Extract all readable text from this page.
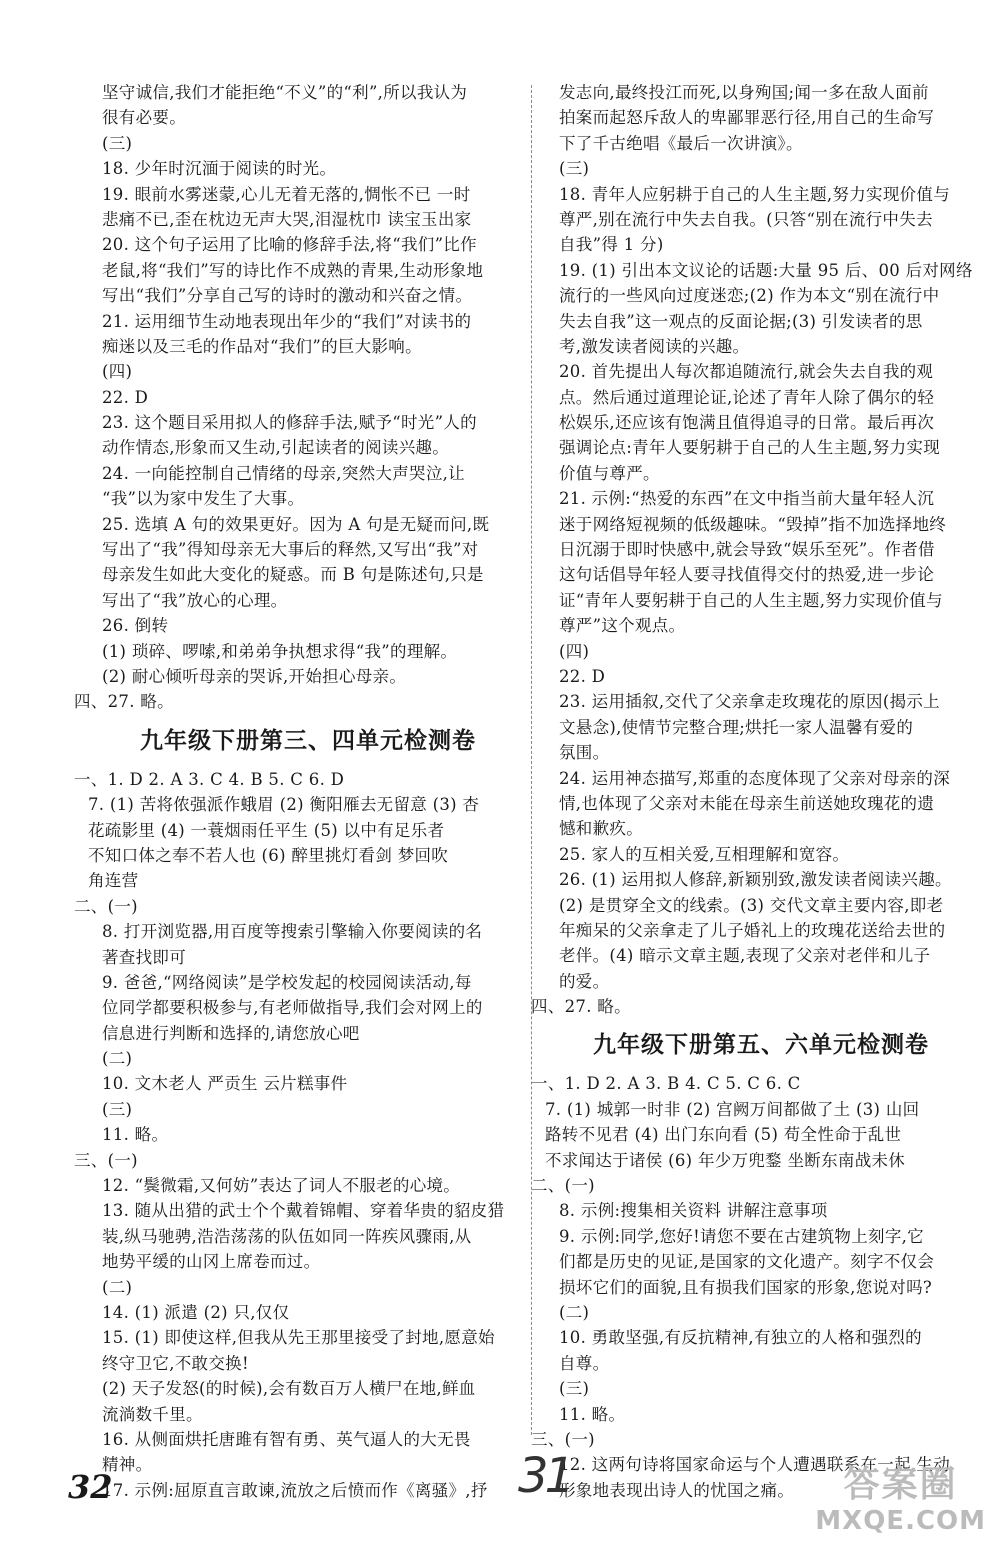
坚守诚信,我们才能拒绝“不义”的“利”,所以我认为
很有必要。
(三)
18. 少年时沉湎于阅读的时光。
19. 眼前水雾迷蒙,心儿无着无落的,惆怅不已 一时
悲痛不已,歪在枕边无声大哭,泪湿枕巾 读宝玉出家
20. 这个句子运用了比喻的修辞手法,将“我们”比作
老鼠,将“我们”写的诗比作不成熟的青果,生动形象地
写出“我们”分享自己写的诗时的激动和兴奋之情。
21. 运用细节生动地表现出年少的“我们”对读书的
痴迷以及三毛的作品对“我们”的巨大影响。
(四)
22. D
23. 这个题目采用拟人的修辞手法,赋予“时光”人的
动作情态,形象而又生动,引起读者的阅读兴趣。
24. 一向能控制自己情绪的母亲,突然大声哭泣,让
“我”以为家中发生了大事。
25. 选填 A 句的效果更好。因为 A 句是无疑而问,既
写出了“我”得知母亲无大事后的释然,又写出“我”对
母亲发生如此大变化的疑惑。而 B 句是陈述句,只是
写出了“我”放心的心理。
26. 倒转
(1) 琐碎、啰嗦,和弟弟争执想求得“我”的理解。
(2) 耐心倾听母亲的哭诉,开始担心母亲。
四、27. 略。
九年级下册第三、四单元检测卷
一、1. D 2. A 3. C 4. B 5. C 6. D
7. (1) 苦将侬强派作蛾眉 (2) 衡阳雁去无留意 (3) 杏
花疏影里 (4) 一蓑烟雨任平生 (5) 以中有足乐者
不知口体之奉不若人也 (6) 醉里挑灯看剑 梦回吹
角连营
二、(一)
8. 打开浏览器,用百度等搜索引擎输入你要阅读的名
著查找即可
9. 爸爸,“网络阅读”是学校发起的校园阅读活动,每
位同学都要积极参与,有老师做指导,我们会对网上的
信息进行判断和选择的,请您放心吧
(二)
10. 文木老人 严贡生 云片糕事件
(三)
11. 略。
三、(一)
12. “鬓微霜,又何妨”表达了词人不服老的心境。
13. 随从出猎的武士个个戴着锦帽、穿着华贵的貂皮猎
装,纵马驰骋,浩浩荡荡的队伍如同一阵疾风骤雨,从
地势平缓的山冈上席卷而过。
(二)
14. (1) 派遣 (2) 只,仅仅
15. (1) 即使这样,但我从先王那里接受了封地,愿意始
终守卫它,不敢交换!
(2) 天子发怒(的时候),会有数百万人横尸在地,鲜血
流淌数千里。
16. 从侧面烘托唐雎有智有勇、英气逼人的大无畏
精神。
17. 示例:屈原直言敢谏,流放之后愤而作《离骚》,抒
发志向,最终投江而死,以身殉国;闻一多在敌人面前
拍案而起怒斥敌人的卑鄙罪恶行径,用自己的生命写
下了千古绝唱《最后一次讲演》。
(三)
18. 青年人应躬耕于自己的人生主题,努力实现价值与
尊严,别在流行中失去自我。(只答“别在流行中失去
自我”得 1 分)
19. (1) 引出本文议论的话题:大量 95 后、00 后对网络
流行的一些风向过度迷恋;(2) 作为本文“别在流行中
失去自我”这一观点的反面论据;(3) 引发读者的思
考,激发读者阅读的兴趣。
20. 首先提出人每次都追随流行,就会失去自我的观
点。然后通过道理论证,论述了青年人除了偶尔的轻
松娱乐,还应该有饱满且值得追寻的日常。最后再次
强调论点:青年人要躬耕于自己的人生主题,努力实现
价值与尊严。
21. 示例:“热爱的东西”在文中指当前大量年轻人沉
迷于网络短视频的低级趣味。“毁掉”指不加选择地终
日沉溺于即时快感中,就会导致“娱乐至死”。作者借
这句话倡导年轻人要寻找值得交付的热爱,进一步论
证“青年人要躬耕于自己的人生主题,努力实现价值与
尊严”这个观点。
(四)
22. D
23. 运用插叙,交代了父亲拿走玫瑰花的原因(揭示上
文悬念),使情节完整合理;烘托一家人温馨有爱的
氛围。
24. 运用神态描写,郑重的态度体现了父亲对母亲的深
情,也体现了父亲对未能在母亲生前送她玫瑰花的遗
憾和歉疚。
25. 家人的互相关爱,互相理解和宽容。
26. (1) 运用拟人修辞,新颖别致,激发读者阅读兴趣。
(2) 是贯穿全文的线索。(3) 交代文章主要内容,即老
年痴呆的父亲拿走了儿子婚礼上的玫瑰花送给去世的
老伴。(4) 暗示文章主题,表现了父亲对老伴和儿子
的爱。
四、27. 略。
九年级下册第五、六单元检测卷
一、1. D 2. A 3. B 4. C 5. C 6. C
7. (1) 城郭一时非 (2) 宫阙万间都做了土 (3) 山回
路转不见君 (4) 出门东向看 (5) 苟全性命于乱世
不求闻达于诸侯 (6) 年少万兜鍪 坐断东南战未休
二、(一)
8. 示例:搜集相关资料 讲解注意事项
9. 示例:同学,您好!请您不要在古建筑物上刻字,它
们都是历史的见证,是国家的文化遗产。刻字不仅会
损坏它们的面貌,且有损我们国家的形象,您说对吗?
(二)
10. 勇敢坚强,有反抗精神,有独立的人格和强烈的
自尊。
(三)
11. 略。
三、(一)
12. 这两句诗将国家命运与个人遭遇联系在一起,生动
形象地表现出诗人的忧国之痛。
32	31	答案圈
MXQE.COM
